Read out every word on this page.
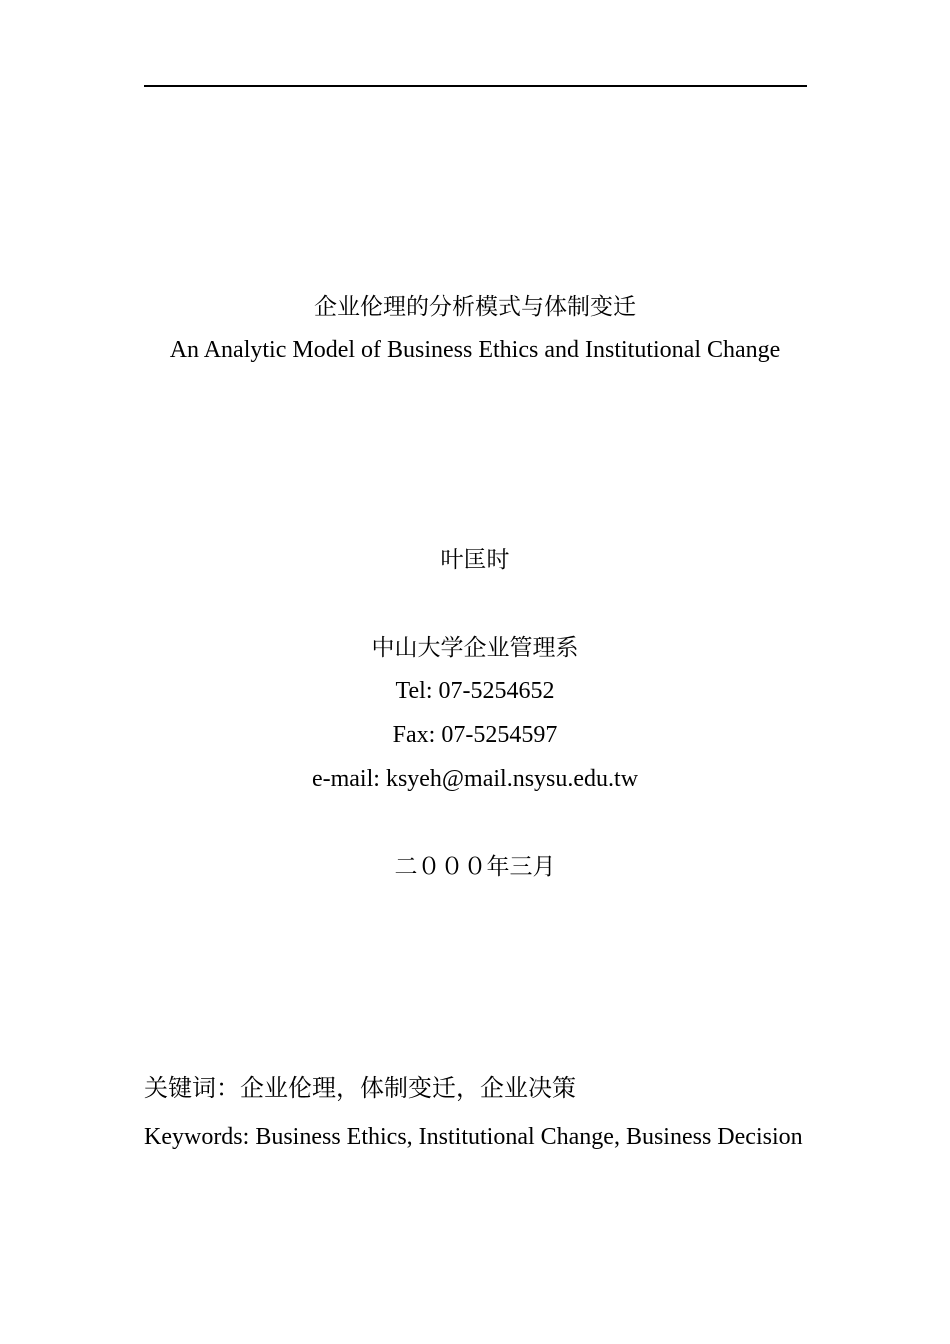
企业伦理的分析模式与体制变迁
An Analytic Model of Business Ethics and Institutional Change
叶匡时
中山大学企业管理系
Tel: 07-5254652
Fax: 07-5254597
e-mail: ksyeh@mail.nsysu.edu.tw
二０００年三月
关键词：企业伦理，体制变迁，企业决策
Keywords: Business Ethics, Institutional Change, Business Decision
